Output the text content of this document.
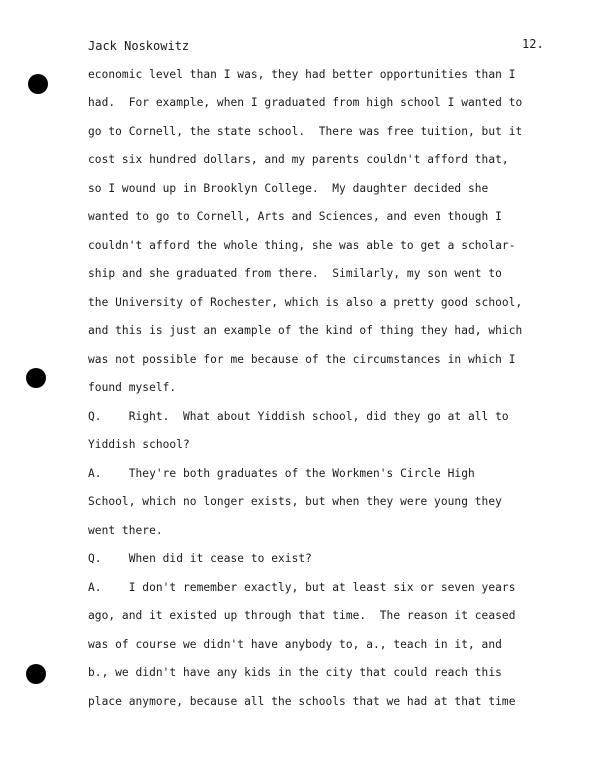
Jack Noskowitz	12.
economic level than I was, they had better opportunities than I
had.  For example, when I graduated from high school I wanted to
go to Cornell, the state school.  There was free tuition, but it
cost six hundred dollars, and my parents couldn't afford that,
so I wound up in Brooklyn College.  My daughter decided she
wanted to go to Cornell, Arts and Sciences, and even though I
couldn't afford the whole thing, she was able to get a scholar-
ship and she graduated from there.  Similarly, my son went to
the University of Rochester, which is also a pretty good school,
and this is just an example of the kind of thing they had, which
was not possible for me because of the circumstances in which I
found myself.
Q.    Right.  What about Yiddish school, did they go at all to
Yiddish school?
A.    They're both graduates of the Workmen's Circle High
School, which no longer exists, but when they were young they
went there.
Q.    When did it cease to exist?
A.    I don't remember exactly, but at least six or seven years
ago, and it existed up through that time.  The reason it ceased
was of course we didn't have anybody to, a., teach in it, and
b., we didn't have any kids in the city that could reach this
place anymore, because all the schools that we had at that time
